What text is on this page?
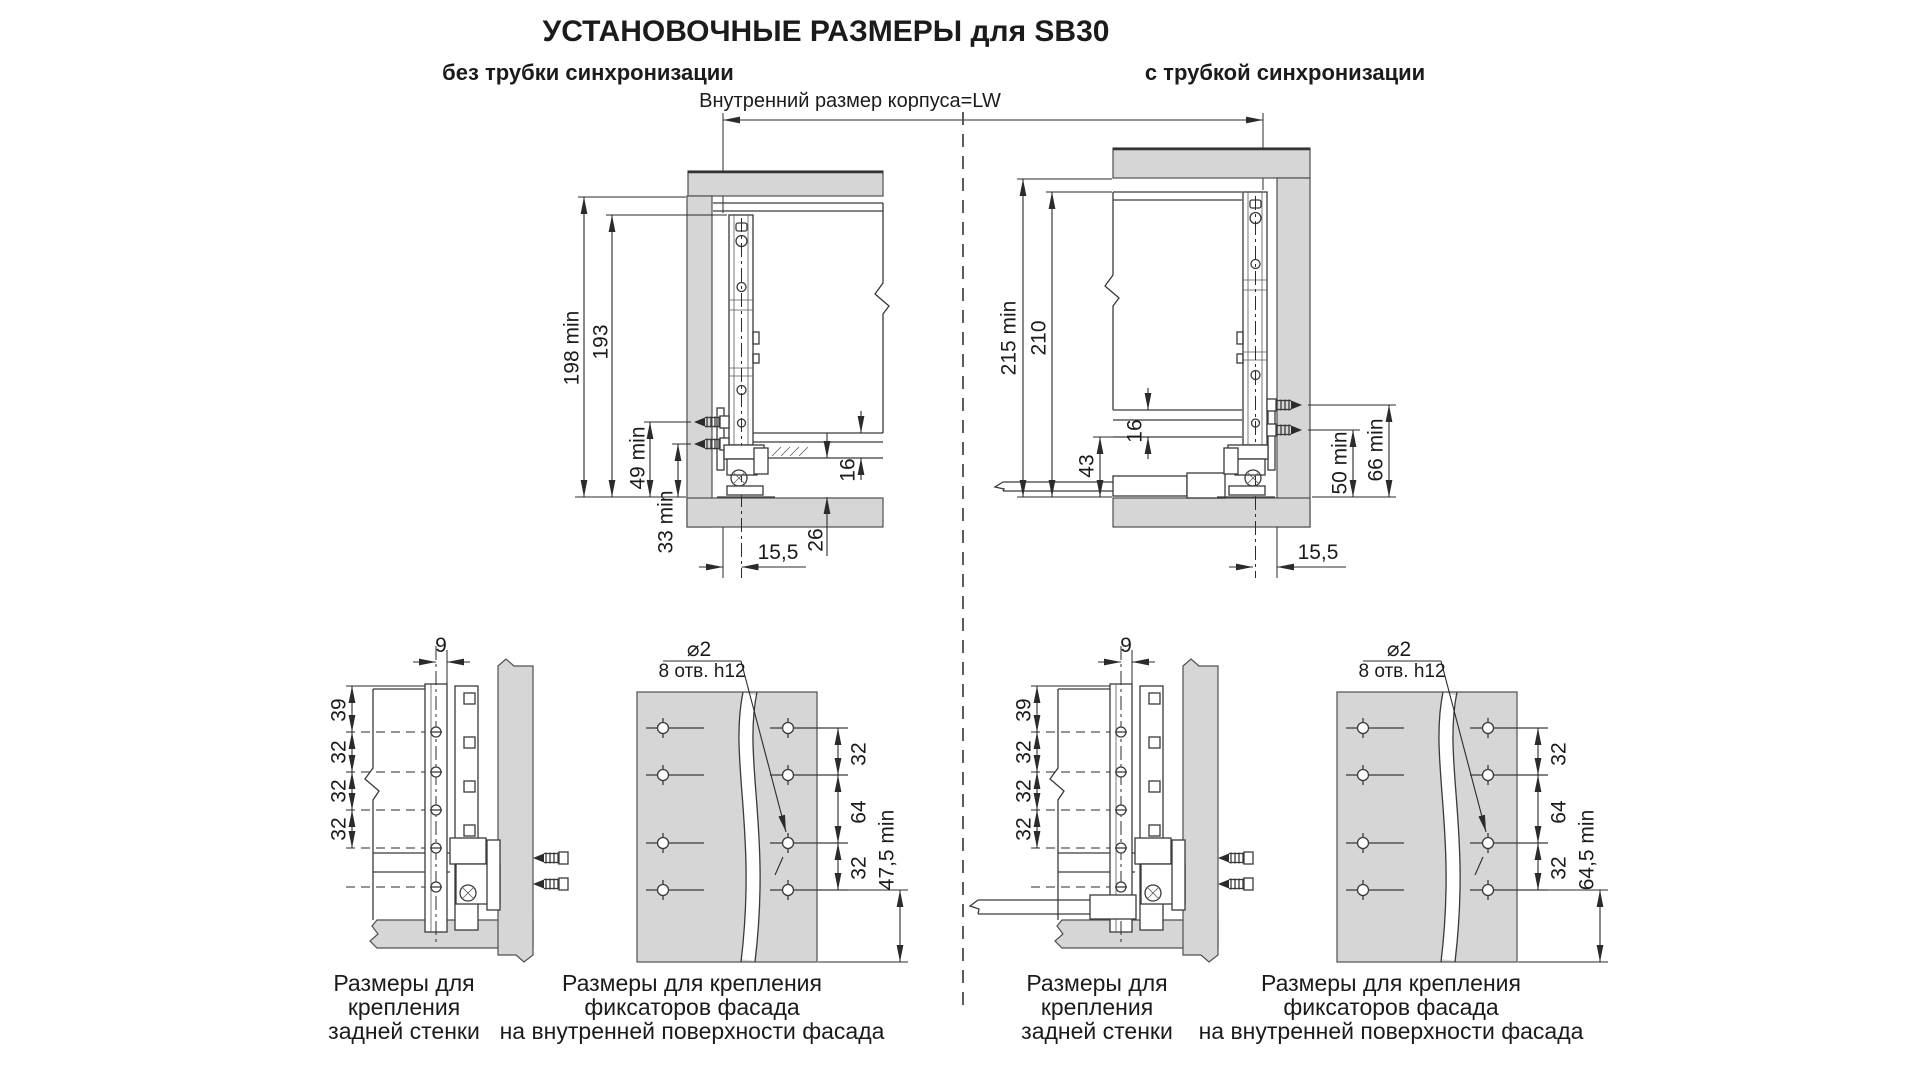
УСТАНОВОЧНЫЕ РАЗМЕРЫ для SB30
без трубки синхронизации	с трубкой синхронизации
Внутренний размер корпуса=LW
198 min 193
49 min
33 min
16
26
15,5
215 min 210
16
43	50 min 66 min
15,5
9
39
32
32
32
Размеры для
крепления
задней стенки
9
39
32
32
32
Размеры для
крепления
задней стенки
⌀2
8 отв. h12
32
64
32 47,5 min
Размеры для крепления
фиксаторов фасада
на внутренней поверхности фасада
⌀2
8 отв. h12
32
64
32 64,5 min
Размеры для крепления
фиксаторов фасада
на внутренней поверхности фасада
